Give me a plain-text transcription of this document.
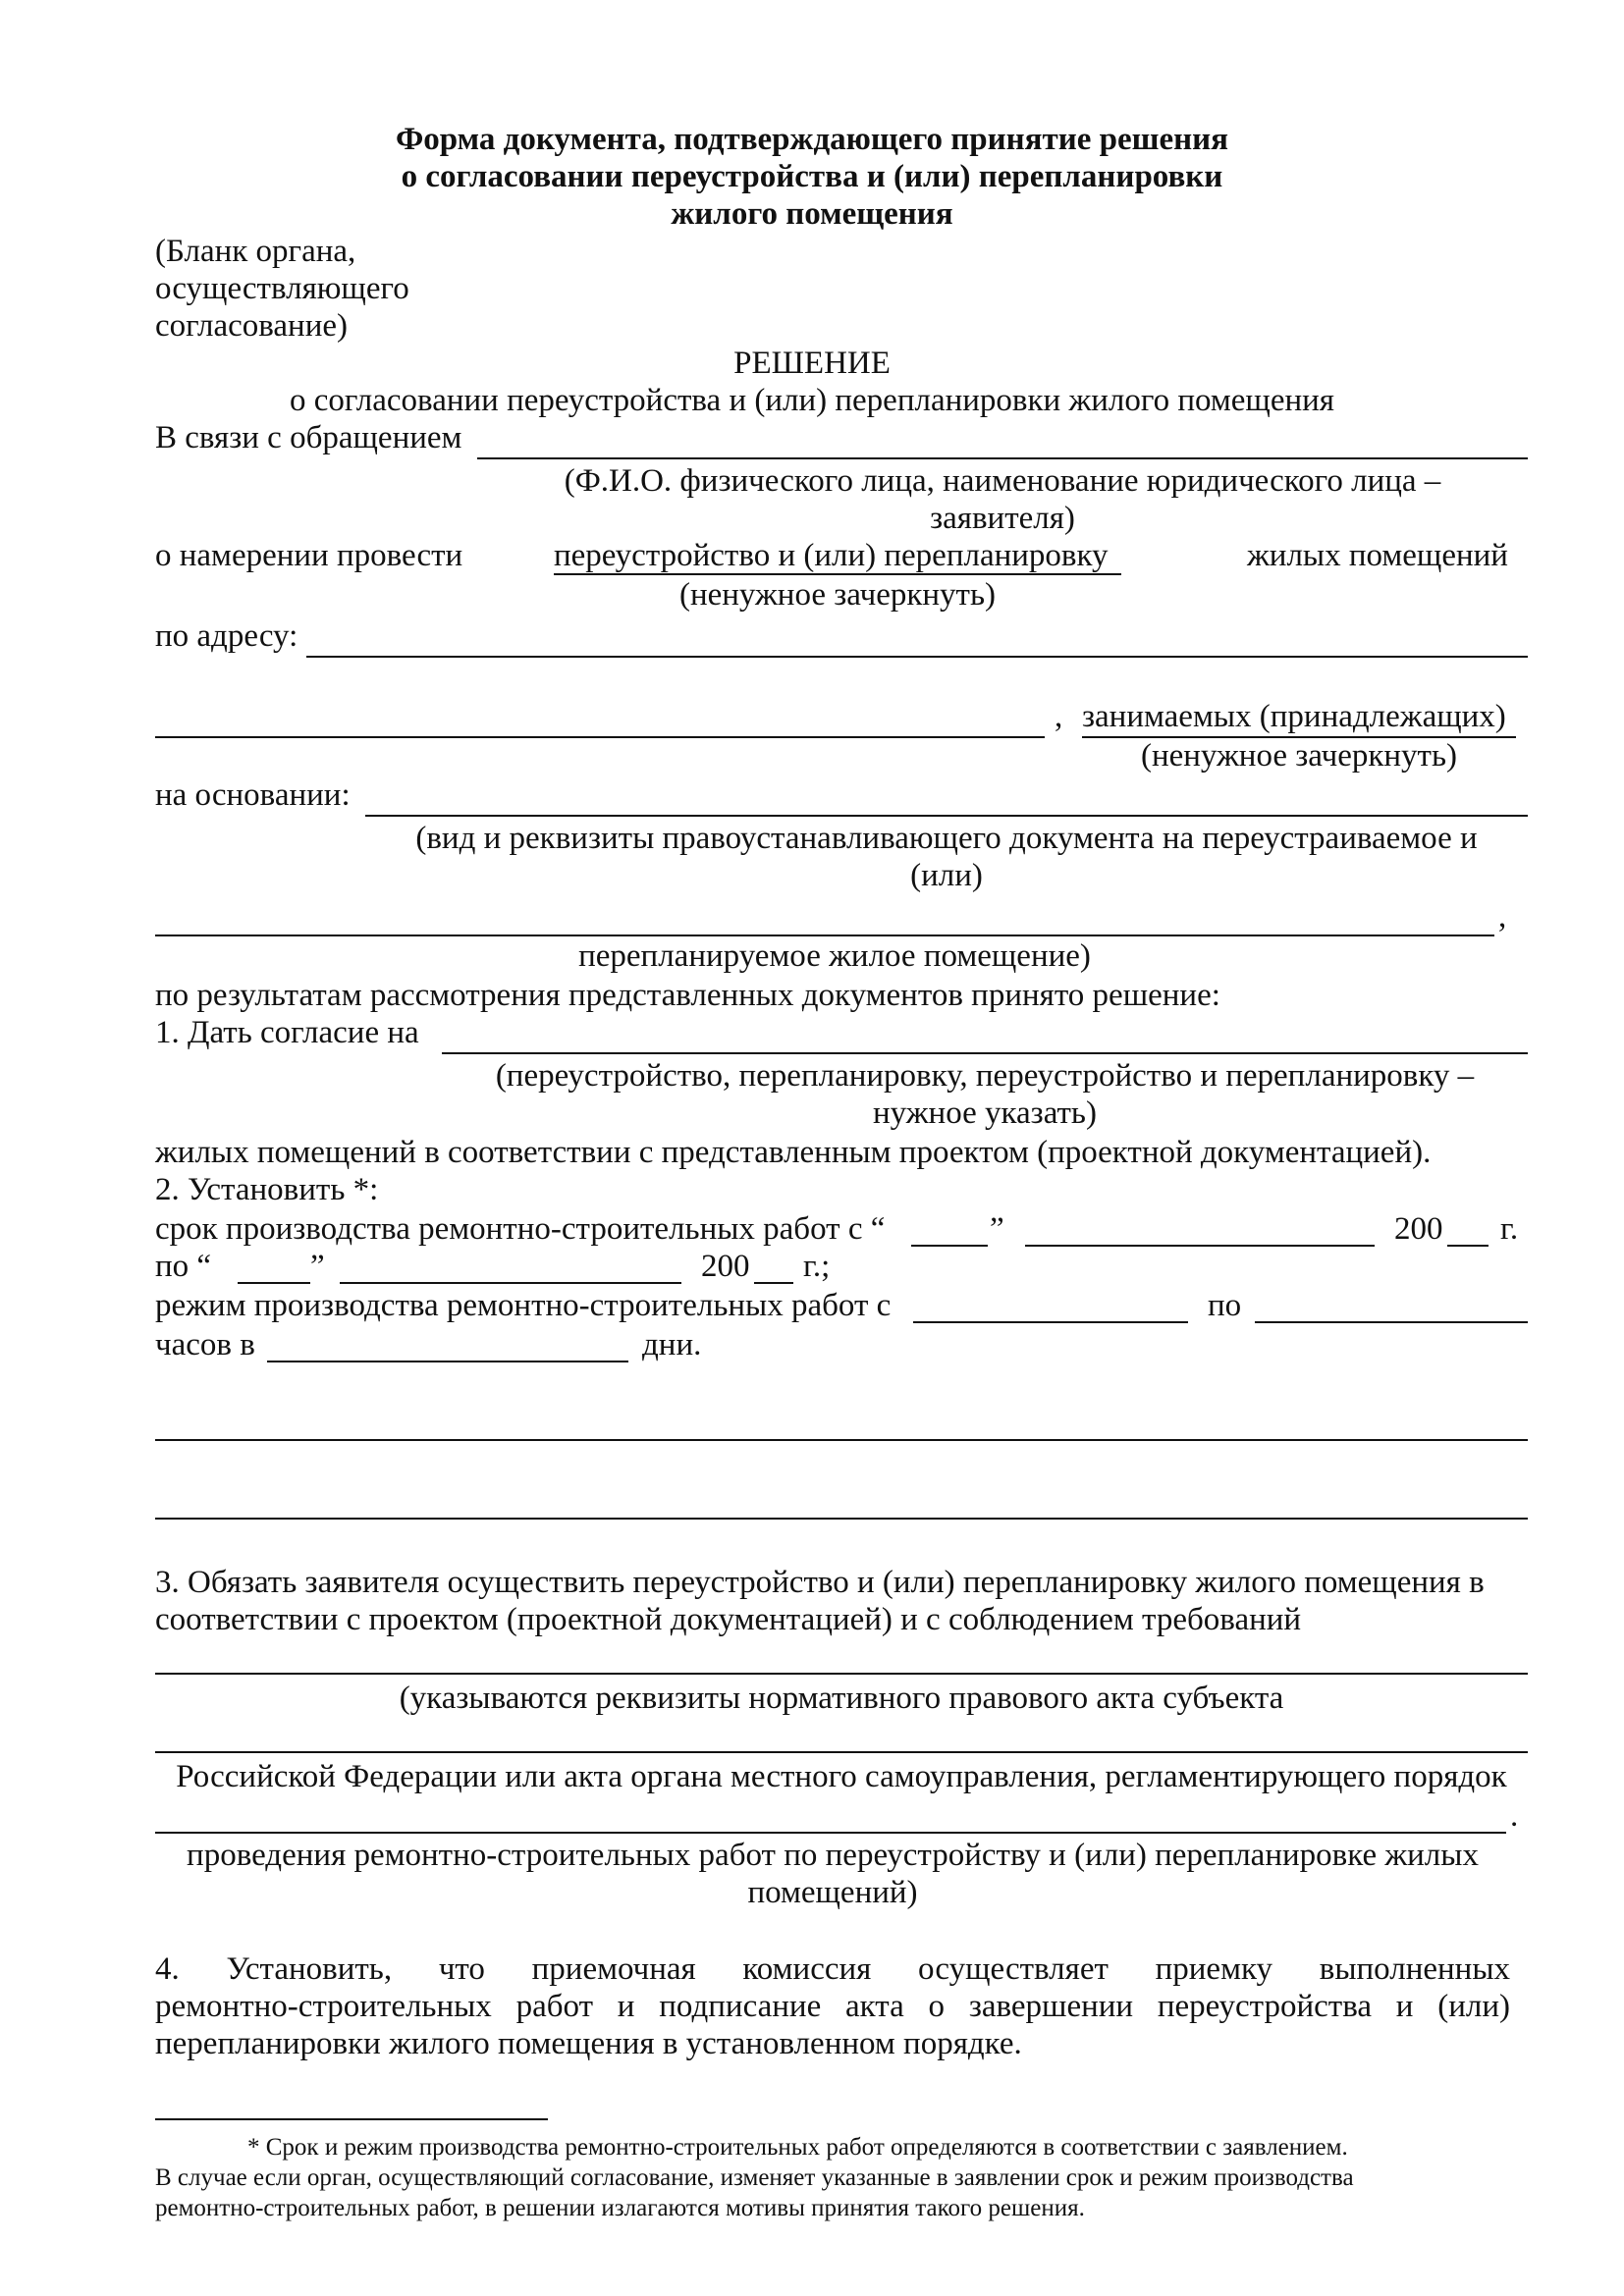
Форма документа, подтверждающего принятие решения
о согласовании переустройства и (или) перепланировки
жилого помещения
(Бланк органа,
осуществляющего
согласование)
РЕШЕНИЕ
о согласовании переустройства и (или) перепланировки жилого помещения
В связи с обращением
(Ф.И.О. физического лица, наименование юридического лица –
заявителя)
о намерении провести	переустройство и (или) перепланировку	жилых помещений
(ненужное зачеркнуть)
по адресу:
, занимаемых (принадлежащих)
(ненужное зачеркнуть)
на основании:
(вид и реквизиты правоустанавливающего документа на переустраиваемое и
(или)
,
перепланируемое жилое помещение)
по результатам рассмотрения представленных документов принято решение:
1. Дать согласие на
(переустройство, перепланировку, переустройство и перепланировку –
нужное указать)
жилых помещений в соответствии с представленным проектом (проектной документацией).
2. Установить *:
срок производства ремонтно-строительных работ с “	”	200 г.
по “	”	200 г.;
режим производства ремонтно-строительных работ с	по
часов в	дни.
3. Обязать заявителя осуществить переустройство и (или) перепланировку жилого помещения в
соответствии с проектом (проектной документацией) и с соблюдением требований
(указываются реквизиты нормативного правового акта субъекта
Российской Федерации или акта органа местного самоуправления, регламентирующего порядок
.
проведения ремонтно-строительных работ по переустройству и (или) перепланировке жилых
помещений)
4. Установить, что приемочная комиссия осуществляет приемку выполненных
ремонтно-строительных работ и подписание акта о завершении переустройства и (или)
перепланировки жилого помещения в установленном порядке.
* Срок и режим производства ремонтно-строительных работ определяются в соответствии с заявлением.
В случае если орган, осуществляющий согласование, изменяет указанные в заявлении срок и режим производства
ремонтно-строительных работ, в решении излагаются мотивы принятия такого решения.
